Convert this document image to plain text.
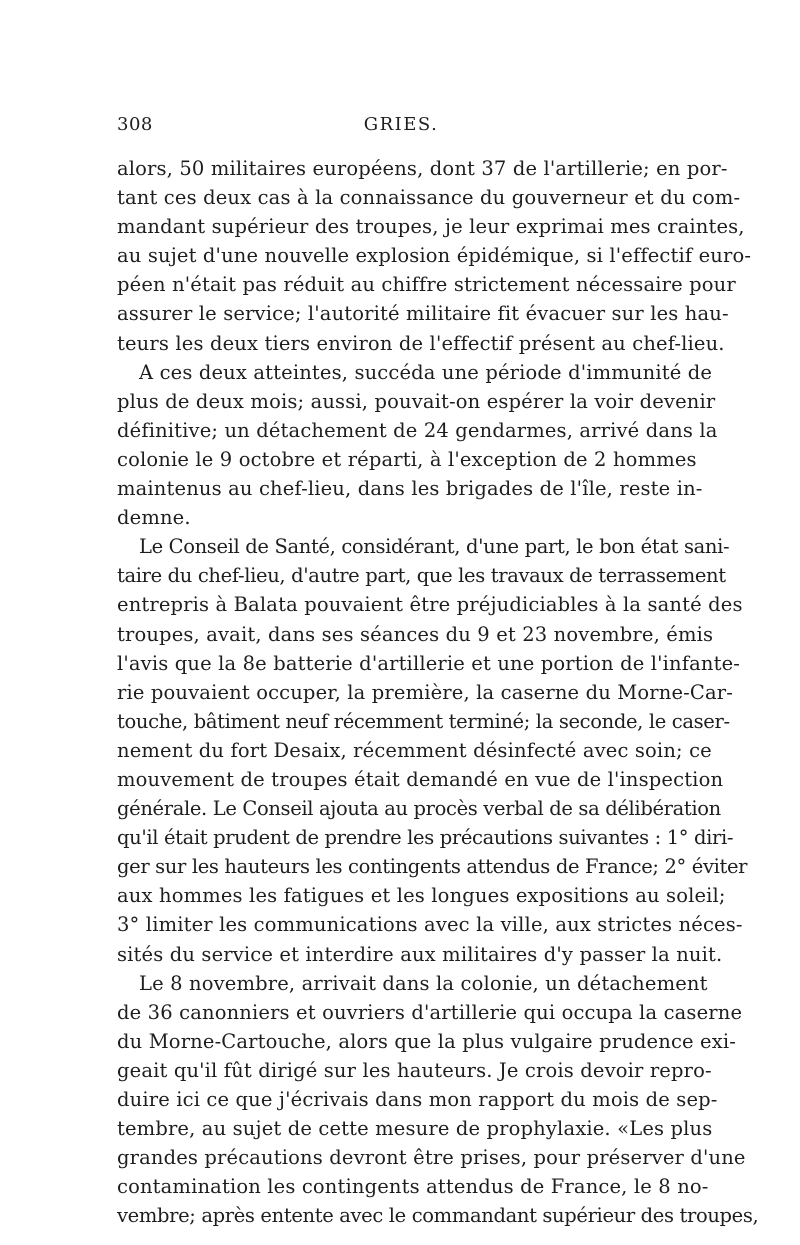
308	GRIES.
alors, 50 militaires européens, dont 37 de l'artillerie; en por-
tant ces deux cas à la connaissance du gouverneur et du com-
mandant supérieur des troupes, je leur exprimai mes craintes,
au sujet d'une nouvelle explosion épidémique, si l'effectif euro-
péen n'était pas réduit au chiffre strictement nécessaire pour
assurer le service; l'autorité militaire fit évacuer sur les hau-
teurs les deux tiers environ de l'effectif présent au chef-lieu.
A ces deux atteintes, succéda une période d'immunité de
plus de deux mois; aussi, pouvait-on espérer la voir devenir
définitive; un détachement de 24 gendarmes, arrivé dans la
colonie le 9 octobre et réparti, à l'exception de 2 hommes
maintenus au chef-lieu, dans les brigades de l'île, reste in-
demne.
Le Conseil de Santé, considérant, d'une part, le bon état sani-
taire du chef-lieu, d'autre part, que les travaux de terrassement
entrepris à Balata pouvaient être préjudiciables à la santé des
troupes, avait, dans ses séances du 9 et 23 novembre, émis
l'avis que la 8e batterie d'artillerie et une portion de l'infante-
rie pouvaient occuper, la première, la caserne du Morne-Car-
touche, bâtiment neuf récemment terminé; la seconde, le caser-
nement du fort Desaix, récemment désinfecté avec soin; ce
mouvement de troupes était demandé en vue de l'inspection
générale. Le Conseil ajouta au procès verbal de sa délibération
qu'il était prudent de prendre les précautions suivantes : 1° diri-
ger sur les hauteurs les contingents attendus de France; 2° éviter
aux hommes les fatigues et les longues expositions au soleil;
3° limiter les communications avec la ville, aux strictes néces-
sités du service et interdire aux militaires d'y passer la nuit.
Le 8 novembre, arrivait dans la colonie, un détachement
de 36 canonniers et ouvriers d'artillerie qui occupa la caserne
du Morne-Cartouche, alors que la plus vulgaire prudence exi-
geait qu'il fût dirigé sur les hauteurs. Je crois devoir repro-
duire ici ce que j'écrivais dans mon rapport du mois de sep-
tembre, au sujet de cette mesure de prophylaxie. «Les plus
grandes précautions devront être prises, pour préserver d'une
contamination les contingents attendus de France, le 8 no-
vembre; après entente avec le commandant supérieur des troupes,
